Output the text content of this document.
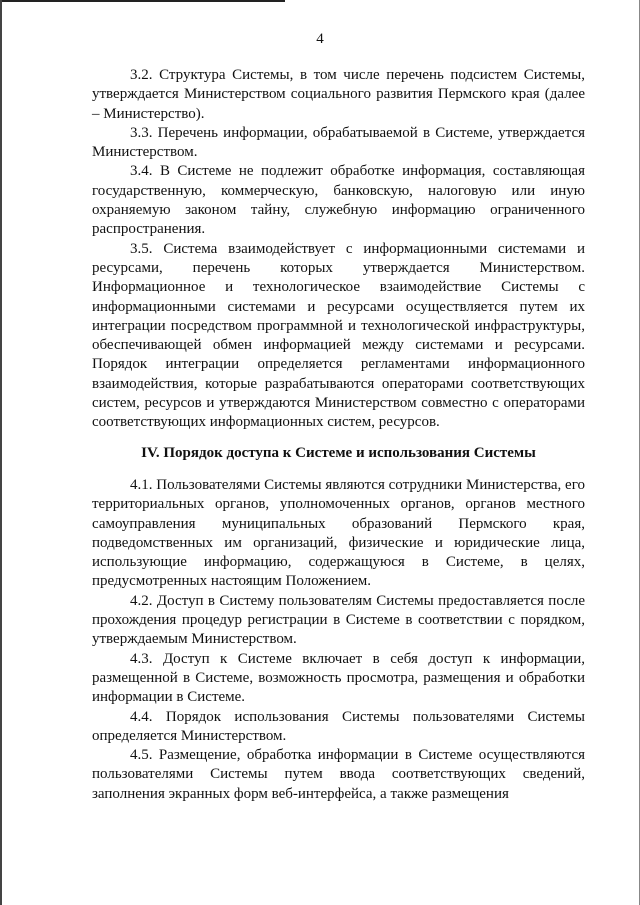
4

3.2. Структура Системы, в том числе перечень подсистем Системы, утверждается Министерством социального развития Пермского края (далее – Министерство).

3.3. Перечень информации, обрабатываемой в Системе, утверждается Министерством.

3.4. В Системе не подлежит обработке информация, составляющая государственную, коммерческую, банковскую, налоговую или иную охраняемую законом тайну, служебную информацию ограниченного распространения.

3.5. Система взаимодействует с информационными системами и ресурсами, перечень которых утверждается Министерством. Информационное и технологическое взаимодействие Системы с информационными системами и ресурсами осуществляется путем их интеграции посредством программной и технологической инфраструктуры, обеспечивающей обмен информацией между системами и ресурсами. Порядок интеграции определяется регламентами информационного взаимодействия, которые разрабатываются операторами соответствующих систем, ресурсов и утверждаются Министерством совместно с операторами соответствующих информационных систем, ресурсов.

IV. Порядок доступа к Системе и использования Системы

4.1. Пользователями Системы являются сотрудники Министерства, его территориальных органов, уполномоченных органов, органов местного самоуправления муниципальных образований Пермского края, подведомственных им организаций, физические и юридические лица, использующие информацию, содержащуюся в Системе, в целях, предусмотренных настоящим Положением.

4.2. Доступ в Систему пользователям Системы предоставляется после прохождения процедур регистрации в Системе в соответствии с порядком, утверждаемым Министерством.

4.3. Доступ к Системе включает в себя доступ к информации, размещенной в Системе, возможность просмотра, размещения и обработки информации в Системе.

4.4. Порядок использования Системы пользователями Системы определяется Министерством.

4.5. Размещение, обработка информации в Системе осуществляются пользователями Системы путем ввода соответствующих сведений, заполнения экранных форм веб-интерфейса, а также размещения
